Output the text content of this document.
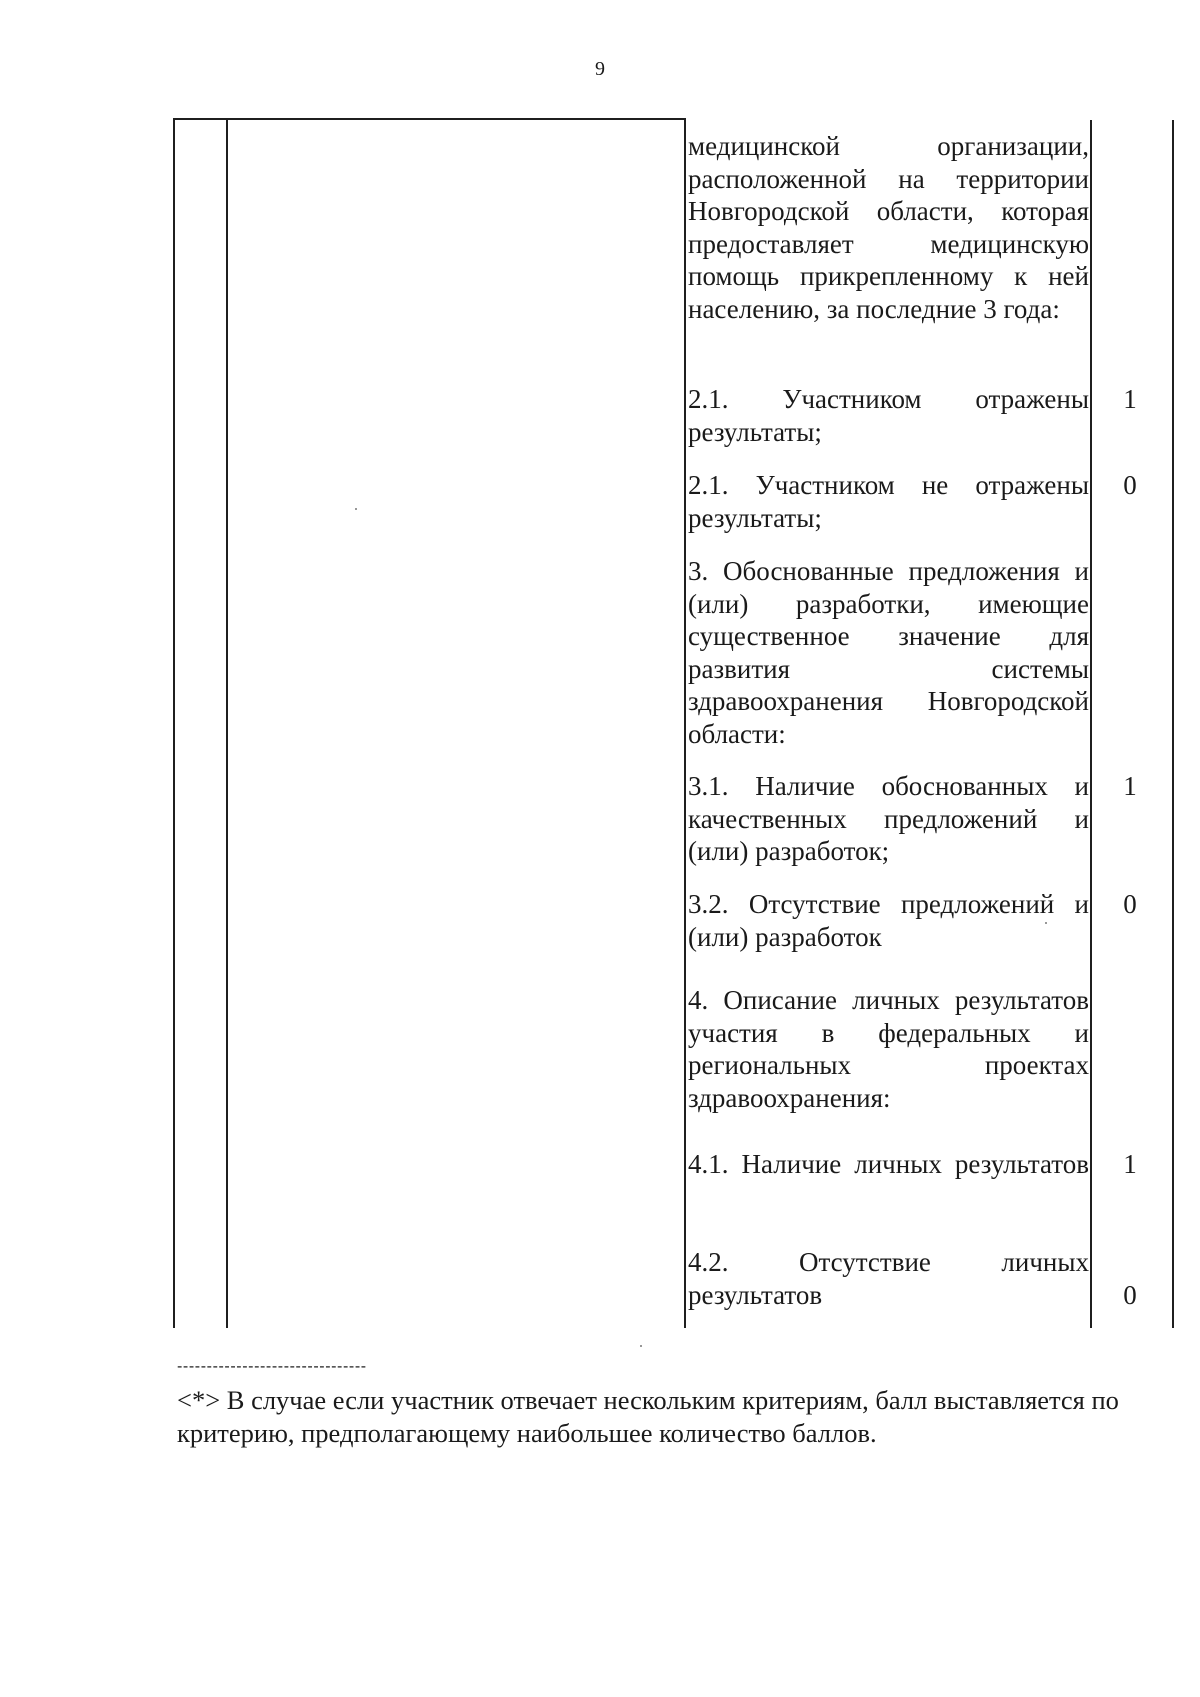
9
медицинской организации, расположенной на территории Новгородской области, которая предоставляет медицинскую помощь прикрепленному к ней населению, за последние 3 года:
2.1. Участником отражены результаты;
1
2.1. Участником не отражены результаты;
0
3. Обоснованные предложения и (или) разработки, имеющие существенное значение для развития системы здравоохранения Новгородской области:
3.1. Наличие обоснованных и качественных предложений и (или) разработок;
1
3.2. Отсутствие предложений и (или) разработок
0
4. Описание личных результатов участия в федеральных и региональных проектах здравоохранения:
4.1. Наличие личных результатов	1
4.2. Отсутствие личных результатов	0
--------------------------------
<*> В случае если участник отвечает нескольким критериям, балл выставляется по критерию, предполагающему наибольшее количество баллов.
